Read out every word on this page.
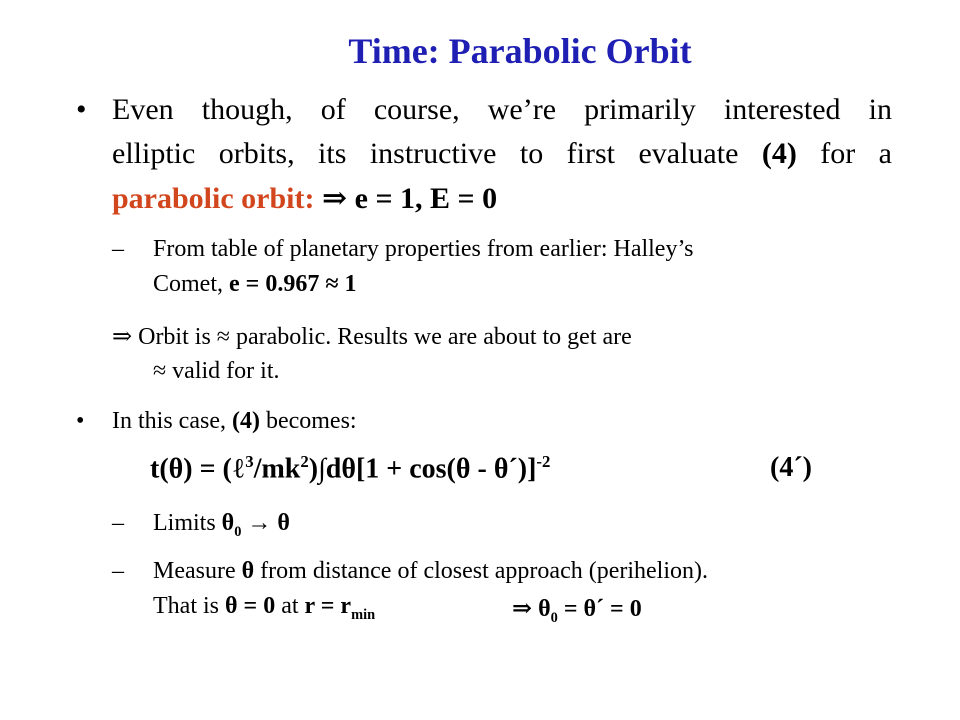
Time: Parabolic Orbit
• Even though, of course, we’re primarily interested in
elliptic orbits, its instructive to first evaluate (4) for a
parabolic orbit: ⇒ e = 1, E = 0
– From table of planetary properties from earlier: Halley’s
Comet, e = 0.967 ≈ 1
⇒ Orbit is ≈ parabolic. Results we are about to get are
≈ valid for it.
• In this case, (4) becomes:
$t(\theta) = (\ell^3/mk^2)\int d\theta[1 + \cos(\theta$ - θ´)]$^{-2}$	(4´)
– Limits $\theta_0 \to \theta$
– Measure θ from distance of closest approach (perihelion).
That is θ = 0 at $r = r_{min}$	⇒ $\theta_0$ = θ´ = 0
